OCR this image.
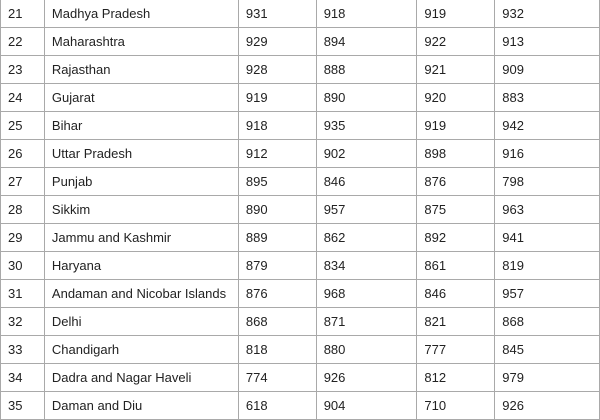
21	Madhya Pradesh	931	918	919	932
22	Maharashtra	929	894	922	913
23	Rajasthan	928	888	921	909
24	Gujarat	919	890	920	883
25	Bihar	918	935	919	942
26	Uttar Pradesh	912	902	898	916
27	Punjab	895	846	876	798
28	Sikkim	890	957	875	963
29	Jammu and Kashmir	889	862	892	941
30	Haryana	879	834	861	819
31	Andaman and Nicobar Islands	876	968	846	957
32	Delhi	868	871	821	868
33	Chandigarh	818	880	777	845
34	Dadra and Nagar Haveli	774	926	812	979
35	Daman and Diu	618	904	710	926
